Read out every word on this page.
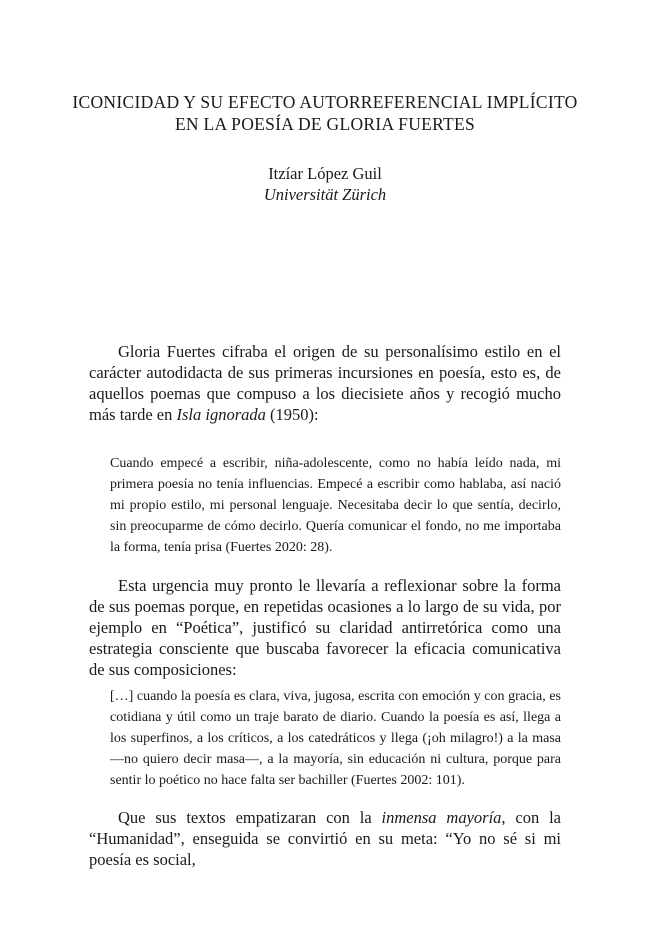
ICONICIDAD Y SU EFECTO AUTORREFERENCIAL IMPLÍCITO
EN LA POESÍA DE GLORIA FUERTES
Itzíar López Guil
Universität Zürich

Gloria Fuertes cifraba el origen de su personalísimo estilo en el carácter autodidacta de sus primeras incursiones en poesía, esto es, de aquellos poemas que compuso a los diecisiete años y recogió mucho más tarde en Isla ignorada (1950):

Cuando empecé a escribir, niña-adolescente, como no había leído nada, mi primera poesía no tenía influencias. Empecé a escribir como hablaba, así nació mi propio estilo, mi personal lenguaje. Necesitaba decir lo que sentía, decirlo, sin preocuparme de cómo decirlo. Quería comunicar el fondo, no me importaba la forma, tenía prisa (Fuertes 2020: 28).

Esta urgencia muy pronto le llevaría a reflexionar sobre la forma de sus poemas porque, en repetidas ocasiones a lo largo de su vida, por ejemplo en “Poética”, justificó su claridad antirretórica como una estrategia consciente que buscaba favorecer la eficacia comunicativa de sus composiciones:

[…] cuando la poesía es clara, viva, jugosa, escrita con emoción y con gracia, es cotidiana y útil como un traje barato de diario. Cuando la poesía es así, llega a los superfinos, a los críticos, a los catedráticos y llega (¡oh milagro!) a la masa —no quiero decir masa—, a la mayoría, sin educación ni cultura, porque para sentir lo poético no hace falta ser bachiller (Fuertes 2002: 101).

Que sus textos empatizaran con la inmensa mayoría, con la “Humanidad”, enseguida se convirtió en su meta: “Yo no sé si mi poesía es social,
